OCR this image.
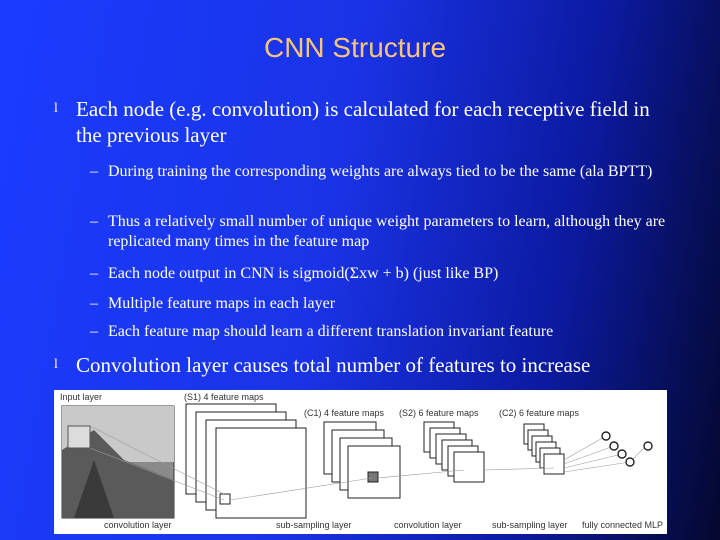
CNN Structure
l Each node (e.g. convolution) is calculated for each receptive field in the previous layer
– During training the corresponding weights are always tied to be the same (ala BPTT)
– Thus a relatively small number of unique weight parameters to learn, although they are replicated many times in the feature map
– Each node output in CNN is sigmoid(Σxw + b) (just like BP)
– Multiple feature maps in each layer
– Each feature map should learn a different translation invariant feature
l Convolution layer causes total number of features to increase
Input layer	(S1) 4 feature maps
(C1) 4 feature maps (S2) 6 feature maps (C2) 6 feature maps
convolution layer	sub-sampling layer	convolution layer	sub-sampling layer fully connected MLP
